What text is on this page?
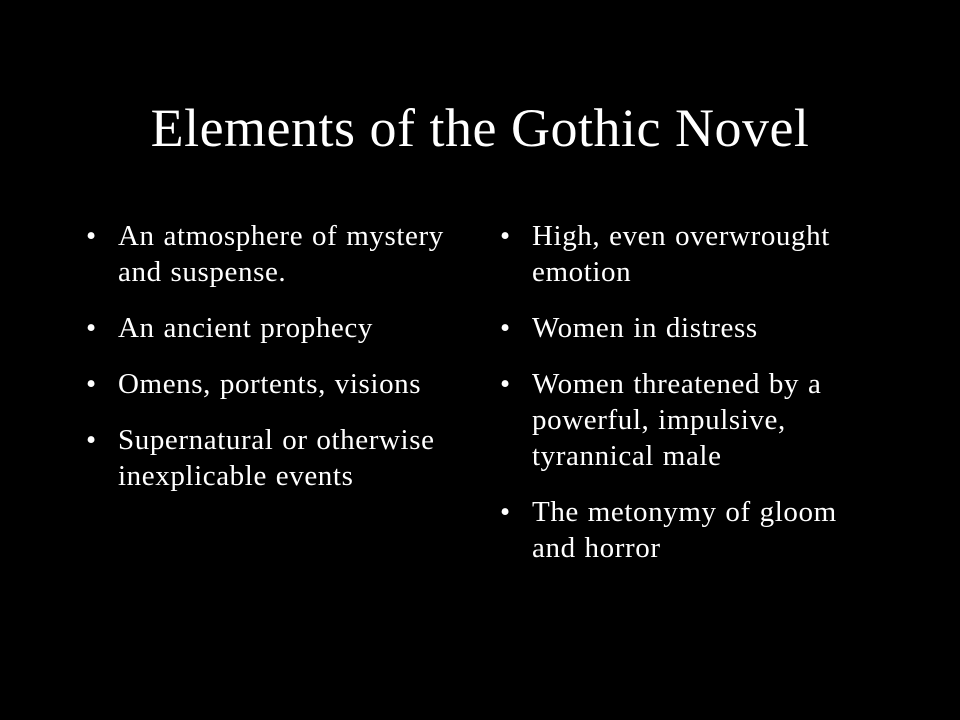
Elements of the Gothic Novel
• An atmosphere of mystery and suspense.
• An ancient prophecy
• Omens, portents, visions
• Supernatural or otherwise inexplicable events
• High, even overwrought emotion
• Women in distress
• Women threatened by a powerful, impulsive, tyrannical male
• The metonymy of gloom and horror
